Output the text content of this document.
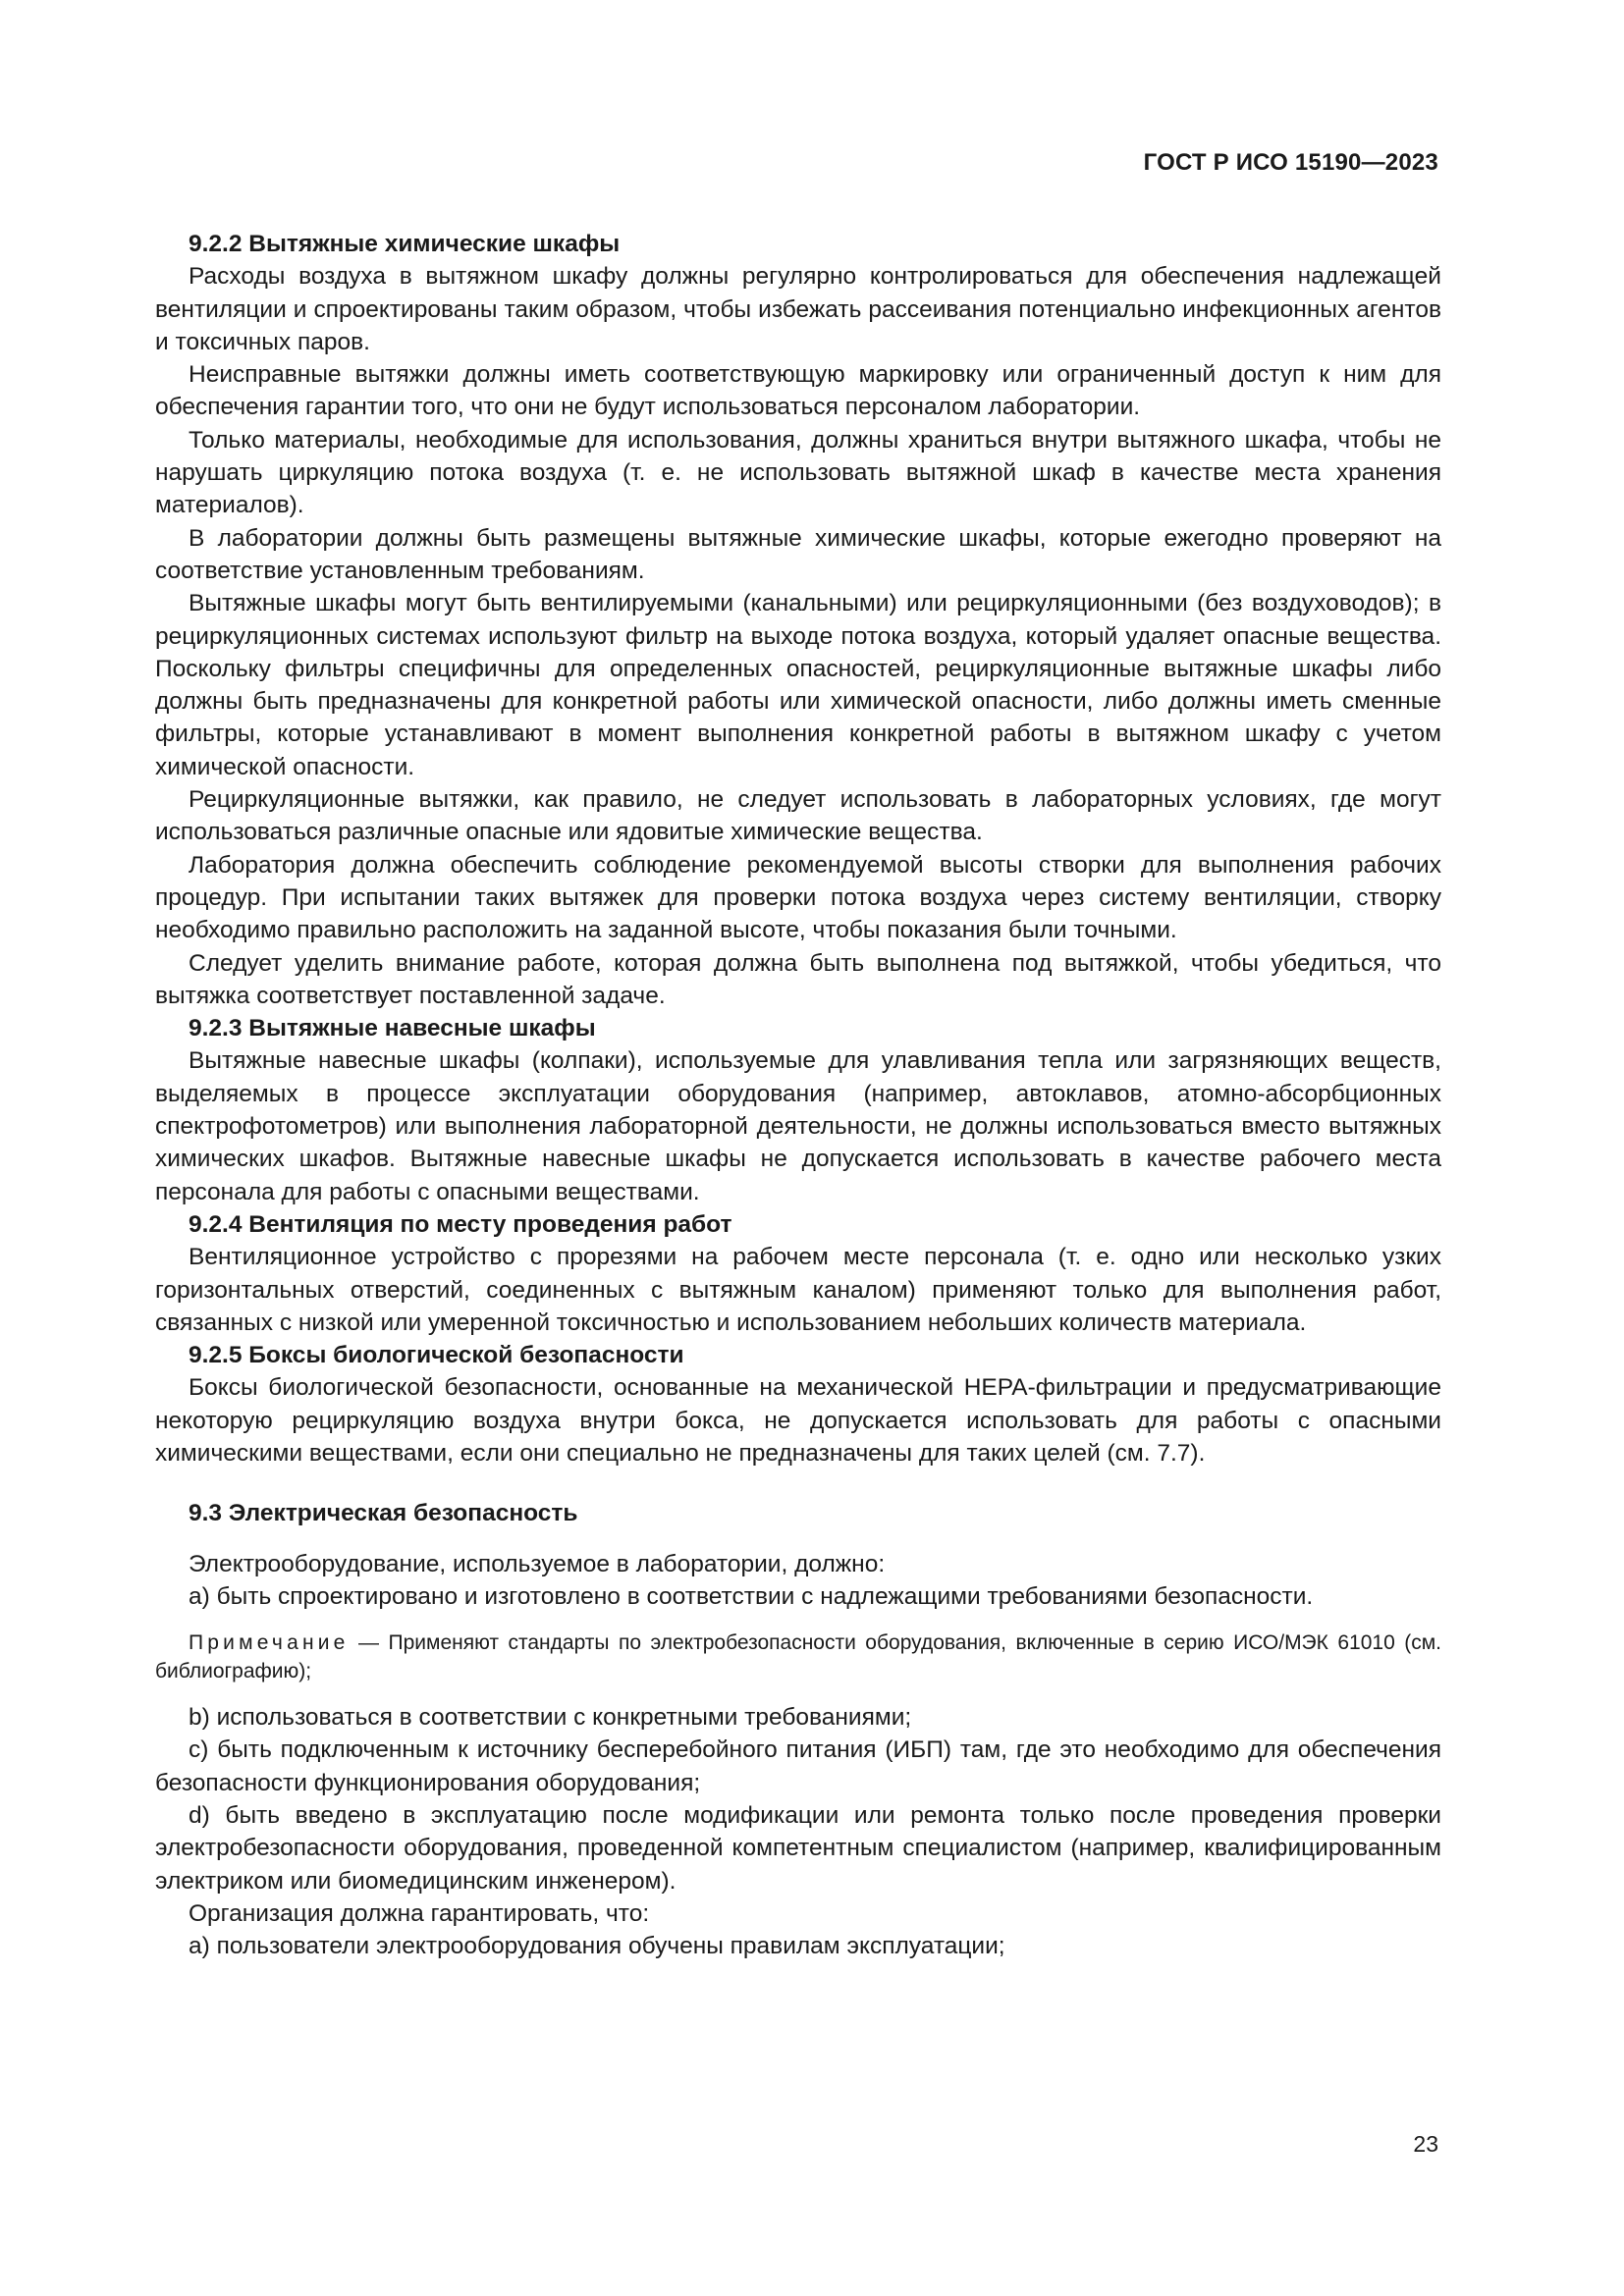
ГОСТ Р ИСО 15190—2023
9.2.2 Вытяжные химические шкафы

Расходы воздуха в вытяжном шкафу должны регулярно контролироваться для обеспечения надлежащей вентиляции и спроектированы таким образом, чтобы избежать рассеивания потенциально инфекционных агентов и токсичных паров.

Неисправные вытяжки должны иметь соответствующую маркировку или ограниченный доступ к ним для обеспечения гарантии того, что они не будут использоваться персоналом лаборатории.

Только материалы, необходимые для использования, должны храниться внутри вытяжного шкафа, чтобы не нарушать циркуляцию потока воздуха (т. е. не использовать вытяжной шкаф в качестве места хранения материалов).

В лаборатории должны быть размещены вытяжные химические шкафы, которые ежегодно проверяют на соответствие установленным требованиям.

Вытяжные шкафы могут быть вентилируемыми (канальными) или рециркуляционными (без воздуховодов); в рециркуляционных системах используют фильтр на выходе потока воздуха, который удаляет опасные вещества. Поскольку фильтры специфичны для определенных опасностей, рециркуляционные вытяжные шкафы либо должны быть предназначены для конкретной работы или химической опасности, либо должны иметь сменные фильтры, которые устанавливают в момент выполнения конкретной работы в вытяжном шкафу с учетом химической опасности.

Рециркуляционные вытяжки, как правило, не следует использовать в лабораторных условиях, где могут использоваться различные опасные или ядовитые химические вещества.

Лаборатория должна обеспечить соблюдение рекомендуемой высоты створки для выполнения рабочих процедур. При испытании таких вытяжек для проверки потока воздуха через систему вентиляции, створку необходимо правильно расположить на заданной высоте, чтобы показания были точными.

Следует уделить внимание работе, которая должна быть выполнена под вытяжкой, чтобы убедиться, что вытяжка соответствует поставленной задаче.

9.2.3 Вытяжные навесные шкафы

Вытяжные навесные шкафы (колпаки), используемые для улавливания тепла или загрязняющих веществ, выделяемых в процессе эксплуатации оборудования (например, автоклавов, атомно-абсорбционных спектрофотометров) или выполнения лабораторной деятельности, не должны использоваться вместо вытяжных химических шкафов. Вытяжные навесные шкафы не допускается использовать в качестве рабочего места персонала для работы с опасными веществами.

9.2.4 Вентиляция по месту проведения работ

Вентиляционное устройство с прорезями на рабочем месте персонала (т. е. одно или несколько узких горизонтальных отверстий, соединенных с вытяжным каналом) применяют только для выполнения работ, связанных с низкой или умеренной токсичностью и использованием небольших количеств материала.

9.2.5 Боксы биологической безопасности

Боксы биологической безопасности, основанные на механической HEPA-фильтрации и предусматривающие некоторую рециркуляцию воздуха внутри бокса, не допускается использовать для работы с опасными химическими веществами, если они специально не предназначены для таких целей (см. 7.7).

9.3 Электрическая безопасность

Электрооборудование, используемое в лаборатории, должно:

a) быть спроектировано и изготовлено в соответствии с надлежащими требованиями безопасности.

Примечание — Применяют стандарты по электробезопасности оборудования, включенные в серию ИСО/МЭК 61010 (см. библиографию);

b) использоваться в соответствии с конкретными требованиями;

c) быть подключенным к источнику бесперебойного питания (ИБП) там, где это необходимо для обеспечения безопасности функционирования оборудования;

d) быть введено в эксплуатацию после модификации или ремонта только после проведения проверки электробезопасности оборудования, проведенной компетентным специалистом (например, квалифицированным электриком или биомедицинским инженером).

Организация должна гарантировать, что:

a) пользователи электрооборудования обучены правилам эксплуатации;

23
